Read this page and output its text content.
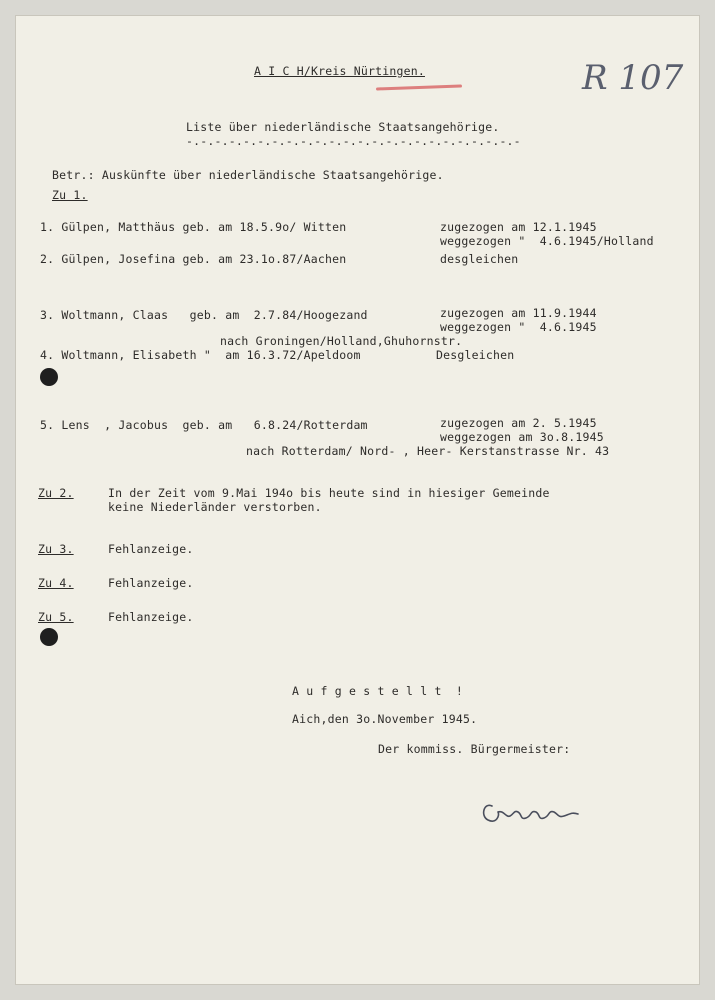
A I C H/Kreis Nürtingen.	R 107
Liste über niederländische Staatsangehörige.
-.-.-.-.-.-.-.-.-.-.-.-.-.-.-.-.-.-.-.-.-.-.-.-
Betr.: Auskünfte über niederländische Staatsangehörige.
Zu 1.
1. Gülpen, Matthäus geb. am 18.5.9o/ Witten	zugezogen am 12.1.1945
weggezogen "  4.6.1945/Holland
2. Gülpen, Josefina geb. am 23.1o.87/Aachen	desgleichen
3. Woltmann, Claas   geb. am  2.7.84/Hoogezand	zugezogen am 11.9.1944
weggezogen "  4.6.1945
nach Groningen/Holland,Ghuhornstr.
4. Woltmann, Elisabeth "  am 16.3.72/Apeldoom	Desgleichen
5. Lens  , Jacobus  geb. am   6.8.24/Rotterdam	zugezogen am 2. 5.1945
weggezogen am 3o.8.1945
nach Rotterdam/ Nord- , Heer- Kerstanstrasse Nr. 43
Zu 2.	In der Zeit vom 9.Mai 194o bis heute sind in hiesiger Gemeinde
keine Niederländer verstorben.
Zu 3.	Fehlanzeige.
Zu 4.	Fehlanzeige.
Zu 5.	Fehlanzeige.
A u f g e s t e l l t  !
Aich,den 3o.November 1945.
Der kommiss. Bürgermeister:
